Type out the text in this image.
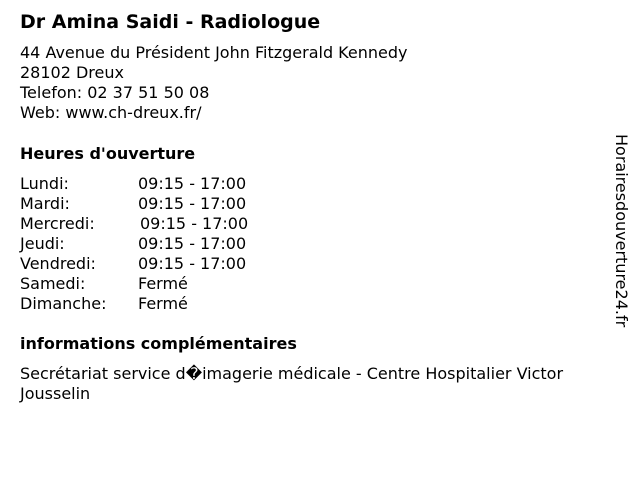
Dr Amina Saidi - Radiologue
44 Avenue du Président John Fitzgerald Kennedy
28102 Dreux
Telefon: 02 37 51 50 08
Web: www.ch-dreux.fr/
Heures d'ouverture
Lundi:	09:15 - 17:00
Mardi:	09:15 - 17:00
Mercredi:	09:15 - 17:00
Jeudi:	09:15 - 17:00
Vendredi:	09:15 - 17:00
Samedi:	Fermé
Dimanche:	Fermé
informations complémentaires
Secrétariat service d�imagerie médicale - Centre Hospitalier Victor Jousselin
Horairesdouverture24.fr
